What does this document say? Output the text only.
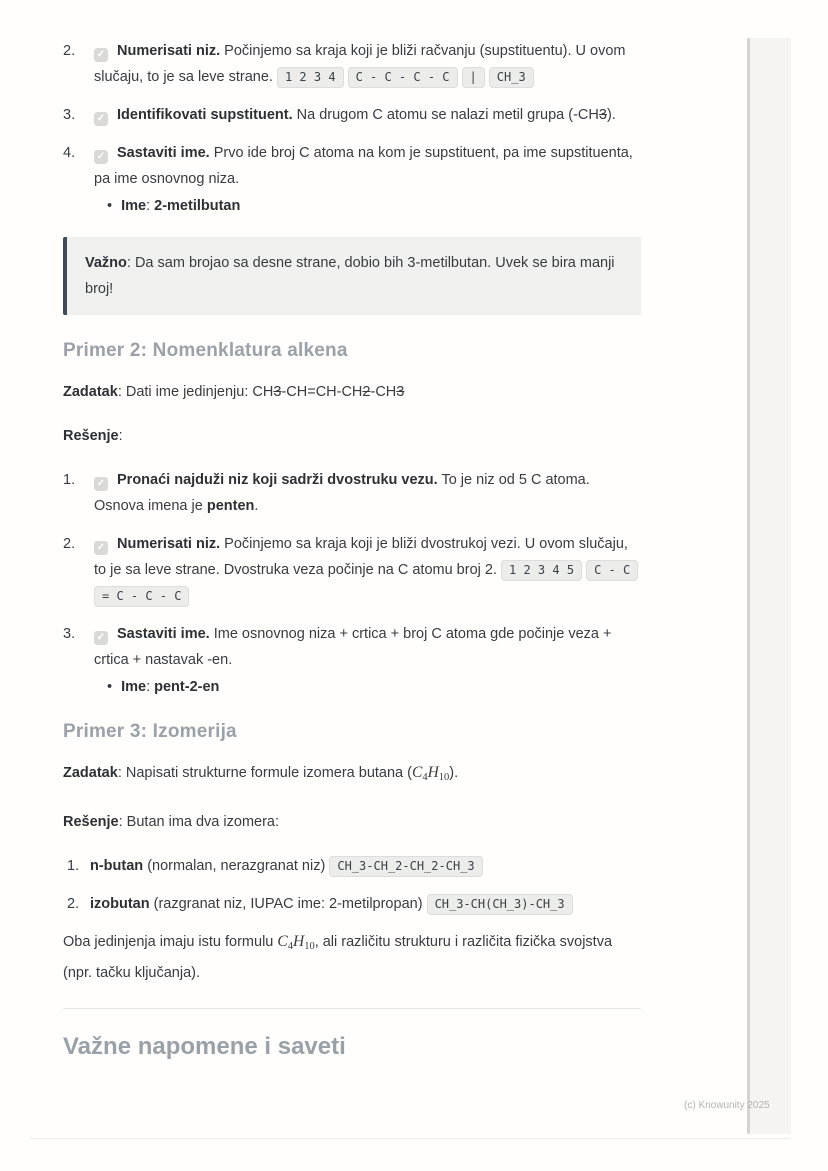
2. ✓ Numerisati niz. Počinjemo sa kraja koji je bliži račvanju (supstituentu). U ovom slučaju, to je sa leve strane. 1 2 3 4 C - C - C - C | CH_3
3. ✓ Identifikovati supstituent. Na drugom C atomu se nalazi metil grupa (-CH3).
4. ✓ Sastaviti ime. Prvo ide broj C atoma na kom je supstituent, pa ime supstituenta, pa ime osnovnog niza.
• Ime: 2-metilbutan
Važno: Da sam brojao sa desne strane, dobio bih 3-metilbutan. Uvek se bira manji broj!
Primer 2: Nomenklatura alkena

Zadatak: Dati ime jedinjenju: CH3-CH=CH-CH2-CH3

Rešenje:

1. ✓ Pronaći najduži niz koji sadrži dvostruku vezu. To je niz od 5 C atoma. Osnova imena je penten.
2. ✓ Numerisati niz. Počinjemo sa kraja koji je bliži dvostrukoj vezi. U ovom slučaju, to je sa leve strane. Dvostruka veza počinje na C atomu broj 2. 1 2 3 4 5 C - C = C - C - C
3. ✓ Sastaviti ime. Ime osnovnog niza + crtica + broj C atoma gde počinje veza + crtica + nastavak -en.
• Ime: pent-2-en
Primer 3: Izomerija

Zadatak: Napisati strukturne formule izomera butana $(C_4H_{10})$.

Rešenje: Butan ima dva izomera:

1. n-butan (normalan, nerazgranat niz) CH_3-CH_2-CH_2-CH_3
2. izobutan (razgranat niz, IUPAC ime: 2-metilpropan) CH_3-CH(CH_3)-CH_3

Oba jedinjenja imaju istu formulu $C_4H_{10}$, ali različitu strukturu i različita fizička svojstva (npr. tačku ključanja).

Važne napomene i saveti
(c) Knowunity 2025
